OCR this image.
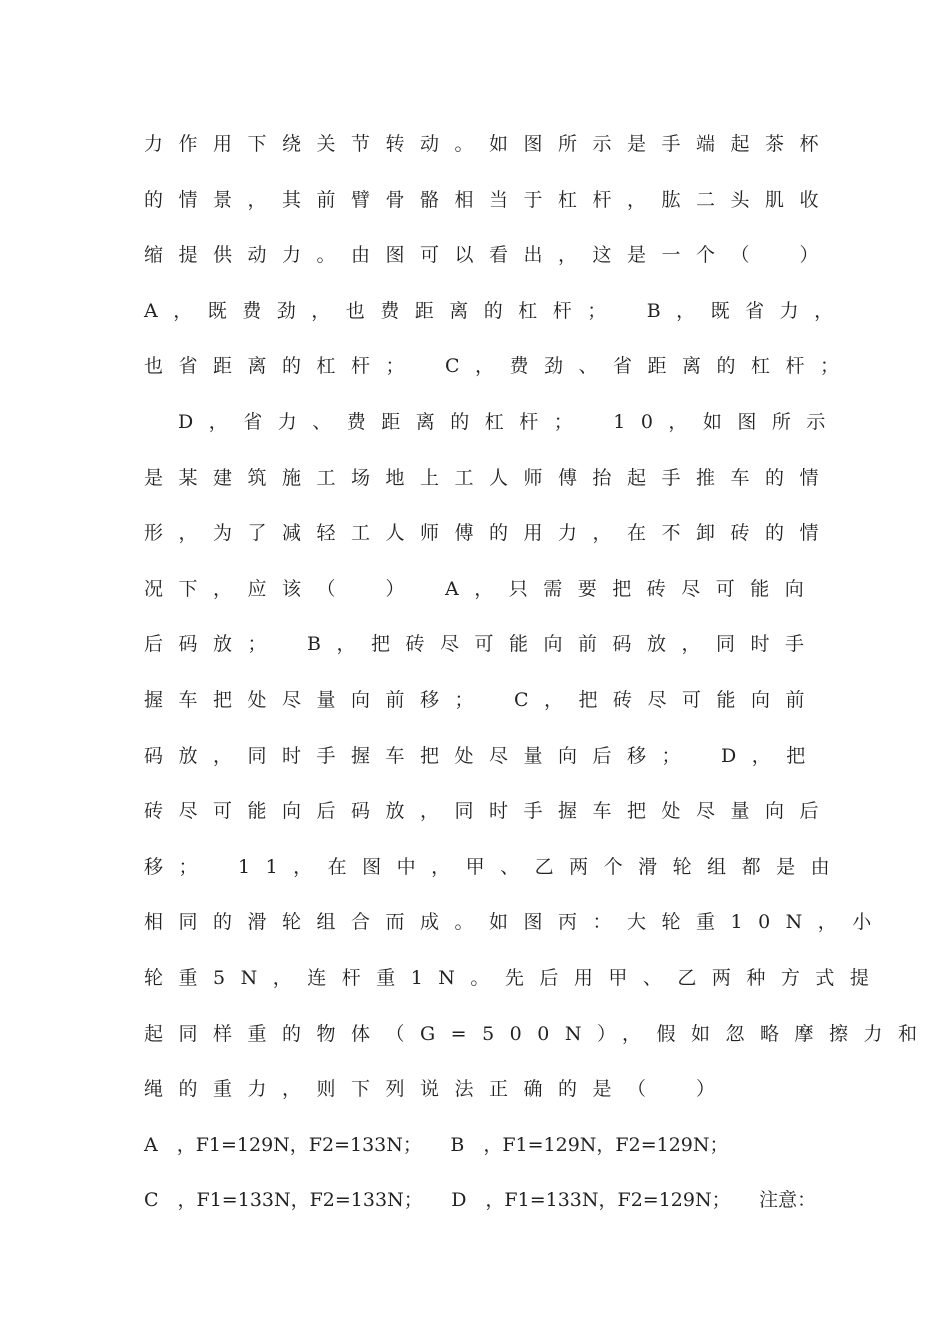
力作用下绕关节转动。如图所示是手端起茶杯
的情景，其前臂骨骼相当于杠杆，肱二头肌收
缩提供动力。由图可以看出，这是一个（　）
A，既费劲，也费距离的杠杆；　B，既省力，
也省距离的杠杆；　C，费劲、省距离的杠杆；
D，省力、费距离的杠杆；　10，如图所示
是某建筑施工场地上工人师傅抬起手推车的情
形，为了减轻工人师傅的用力，在不卸砖的情
况下，应该（　）　A，只需要把砖尽可能向
后码放；　B，把砖尽可能向前码放，同时手
握车把处尽量向前移；　C，把砖尽可能向前
码放，同时手握车把处尽量向后移；　D，把
砖尽可能向后码放，同时手握车把处尽量向后
移；　11，在图中，甲、乙两个滑轮组都是由
相同的滑轮组合而成。如图丙：大轮重10N，小
轮重5N，连杆重1N。先后用甲、乙两种方式提
起同样重的物体（G=500N），假如忽略摩擦力和
绳的重力，则下列说法正确的是（　）
A　，F1=129N，F2=133N；　　B　，F1=129N，F2=129N；
C　，F1=133N，F2=133N；　　D　，F1=133N，F2=129N；　　注意：
